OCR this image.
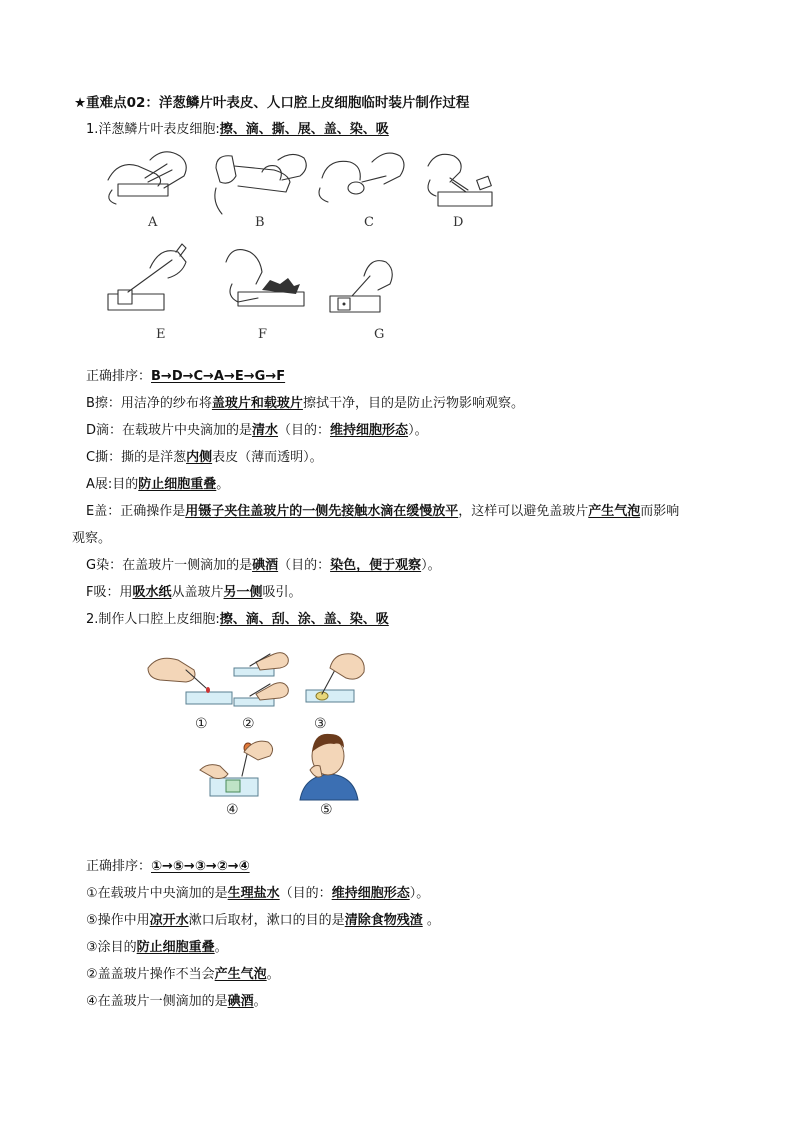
★重难点02：洋葱鳞片叶表皮、人口腔上皮细胞临时装片制作过程
1.洋葱鳞片叶表皮细胞:擦、滴、撕、展、盖、染、吸
A	B	C	D
E	F	G
正确排序：B→D→C→A→E→G→F
B擦：用洁净的纱布将盖玻片和载玻片擦拭干净，目的是防止污物影响观察。
D滴：在载玻片中央滴加的是清水（目的：维持细胞形态）。
C撕：撕的是洋葱内侧表皮（薄而透明）。
A展:目的防止细胞重叠。
E盖：正确操作是用镊子夹住盖玻片的一侧先接触水滴在缓慢放平，这样可以避免盖玻片产生气泡而影响
观察。
G染：在盖玻片一侧滴加的是碘酒（目的：染色，便于观察）。
F吸：用吸水纸从盖玻片另一侧吸引。
2.制作人口腔上皮细胞:擦、滴、刮、涂、盖、染、吸
① ②	③
④	⑤
正确排序：①→⑤→③→②→④
①在载玻片中央滴加的是生理盐水（目的：维持细胞形态）。
⑤操作中用凉开水漱口后取材，漱口的目的是清除食物残渣 。
③涂目的防止细胞重叠。
②盖盖玻片操作不当会产生气泡。
④在盖玻片一侧滴加的是碘酒。
